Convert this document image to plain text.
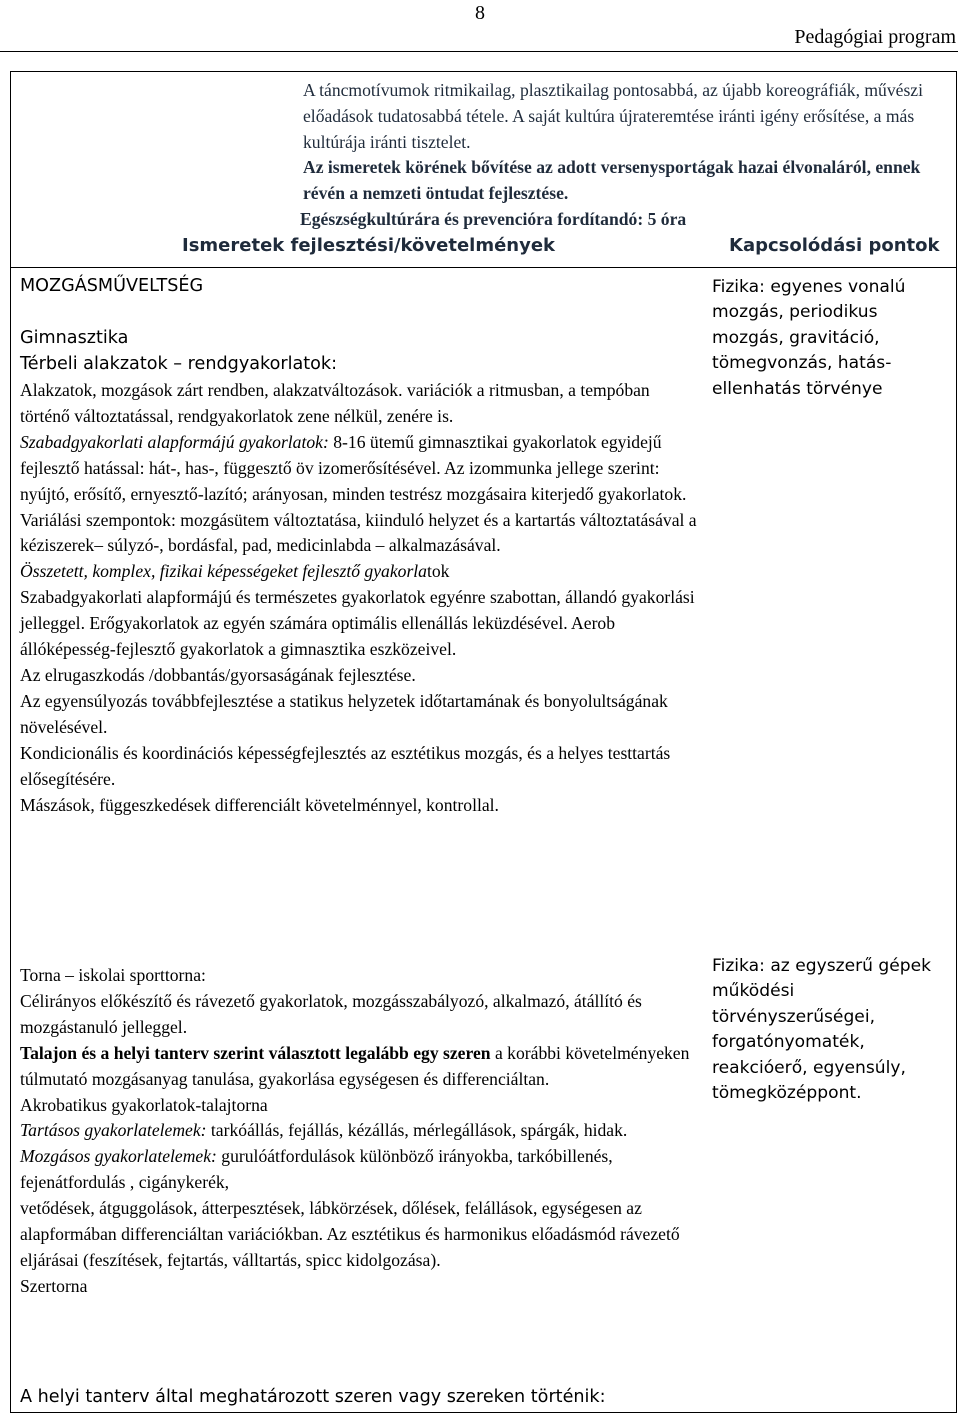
8
Pedagógiai program
A táncmotívumok ritmikailag, plasztikailag pontosabbá, az újabb koreográfiák, művészi előadások tudatosabbá tétele. A saját kultúra újrateremtése iránti igény erősítése, a más kultúrája iránti tisztelet.
Az ismeretek körének bővítése az adott versenysportágak hazai élvonaláról, ennek révén a nemzeti öntudat fejlesztése.
Egészségkultúrára és prevencióra fordítandó: 5 óra
Ismeretek fejlesztési/követelmények	Kapcsolódási pontok
MOZGÁSMŰVELTSÉG
Gimnasztika
Térbeli alakzatok – rendgyakorlatok:

Alakzatok, mozgások zárt rendben, alakzatváltozások. variációk a ritmusban, a tempóban történő változtatással, rendgyakorlatok zene nélkül, zenére is.

Szabadgyakorlati alapformájú gyakorlatok: 8-16 ütemű gimnasztikai gyakorlatok egyidejű fejlesztő hatással: hát-, has-, függesztő öv izomerősítésével. Az izommunka jellege szerint: nyújtó, erősítő, ernyesztő-lazító; arányosan, minden testrész mozgásaira kiterjedő gyakorlatok.

Variálási szempontok: mozgásütem változtatása, kiinduló helyzet és a kartartás változtatásával a kéziszerek– súlyzó-, bordásfal, pad, medicinlabda – alkalmazásával.

Összetett, komplex, fizikai képességeket fejlesztő gyakorlatok

Szabadgyakorlati alapformájú és természetes gyakorlatok egyénre szabottan, állandó gyakorlási jelleggel. Erőgyakorlatok az egyén számára optimális ellenállás leküzdésével. Aerob állóképesség-fejlesztő gyakorlatok a gimnasztika eszközeivel.

Az elrugaszkodás /dobbantás/gyorsaságának fejlesztése.

Az egyensúlyozás továbbfejlesztése a statikus helyzetek időtartamának és bonyolultságának növelésével.

Kondicionális és koordinációs képességfejlesztés az esztétikus mozgás, és a helyes testtartás elősegítésére.

Mászások, függeszkedések differenciált követelménnyel, kontrollal.

Torna – iskolai sporttorna:

Célirányos előkészítő és rávezető gyakorlatok, mozgásszabályozó, alkalmazó, átállító és mozgástanuló jelleggel.

Talajon és a helyi tanterv szerint választott legalább egy szeren a korábbi követelményeken túlmutató mozgásanyag tanulása, gyakorlása egységesen és differenciáltan.

Akrobatikus gyakorlatok-talajtorna

Tartásos gyakorlatelemek: tarkóállás, fejállás, kézállás, mérlegállások, spárgák, hidak.

Mozgásos gyakorlatelemek: gurulóátfordulások különböző irányokba, tarkóbillenés, fejenátfordulás , cigánykerék,

vetődések, átguggolások, átterpesztések, lábkörzések, dőlések, felállások, egységesen az alapformában differenciáltan variációkban. Az esztétikus és harmonikus előadásmód rávezető eljárásai (feszítések, fejtartás, válltartás, spicc kidolgozása).

Szertorna

A helyi tanterv által meghatározott szeren vagy szereken történik:
Fizika: egyenes vonalú mozgás, periodikus mozgás, gravitáció, tömegvonzás, hatás-ellenhatás törvénye
Fizika: az egyszerű gépek működési törvényszerűségei, forgatónyomaték, reakcióerő, egyensúly, tömegközéppont.
